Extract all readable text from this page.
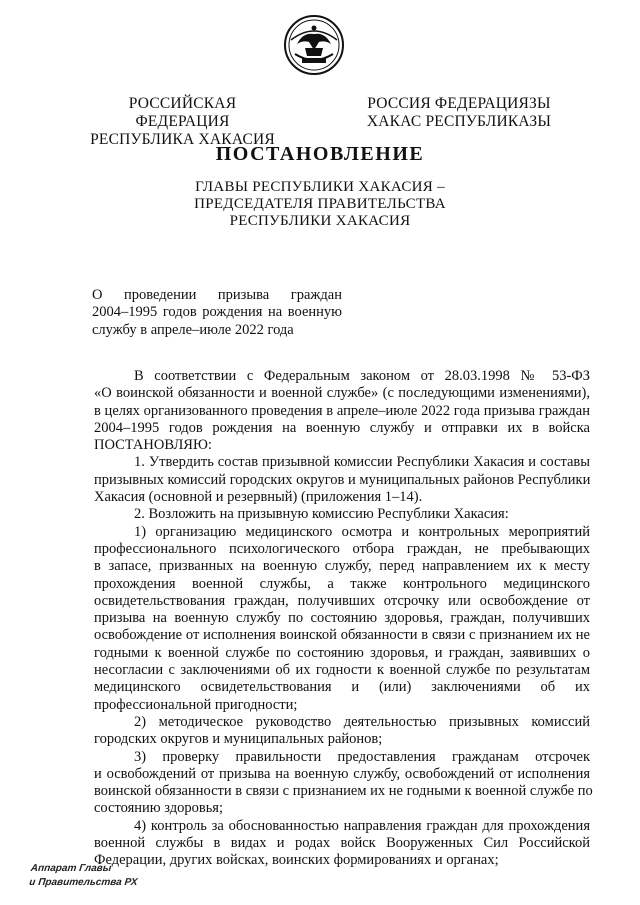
РОССИЙСКАЯ ФЕДЕРАЦИЯ
РЕСПУБЛИКА ХАКАСИЯ
РОССИЯ ФЕДЕРАЦИЯЗЫ
ХАКАС РЕСПУБЛИКАЗЫ
ПОСТАНОВЛЕНИЕ
ГЛАВЫ РЕСПУБЛИКИ ХАКАСИЯ –
ПРЕДСЕДАТЕЛЯ ПРАВИТЕЛЬСТВА
РЕСПУБЛИКИ ХАКАСИЯ
О проведении призыва граждан
2004–1995 годов рождения на военную
службу в апреле–июле 2022 года
В соответствии с Федеральным законом от 28.03.1998 № 53-ФЗ
«О воинской обязанности и военной службе» (с последующими изменениями),
в целях организованного проведения в апреле–июле 2022 года призыва граждан
2004–1995 годов рождения на военную службу и отправки их в войска
ПОСТАНОВЛЯЮ:
1. Утвердить состав призывной комиссии Республики Хакасия и составы
призывных комиссий городских округов и муниципальных районов Республики
Хакасия (основной и резервный) (приложения 1–14).
2. Возложить на призывную комиссию Республики Хакасия:
1) организацию медицинского осмотра и контрольных мероприятий
профессионального психологического отбора граждан, не пребывающих
в запасе, призванных на военную службу, перед направлением их к месту
прохождения военной службы, а также контрольного медицинского
освидетельствования граждан, получивших отсрочку или освобождение от
призыва на военную службу по состоянию здоровья, граждан, получивших
освобождение от исполнения воинской обязанности в связи с признанием их не
годными к военной службе по состоянию здоровья, и граждан, заявивших о
несогласии с заключениями об их годности к военной службе по результатам
медицинского освидетельствования и (или) заключениями об их
профессиональной пригодности;
2) методическое руководство деятельностью призывных комиссий
городских округов и муниципальных районов;
3) проверку правильности предоставления гражданам отсрочек
и освобождений от призыва на военную службу, освобождений от исполнения
воинской обязанности в связи с признанием их не годными к военной службе по
состоянию здоровья;
4) контроль за обоснованностью направления граждан для прохождения
военной службы в видах и родах войск Вооруженных Сил Российской
Федерации, других войсках, воинских формированиях и органах;
Аппарат Главы
и Правительства РХ
